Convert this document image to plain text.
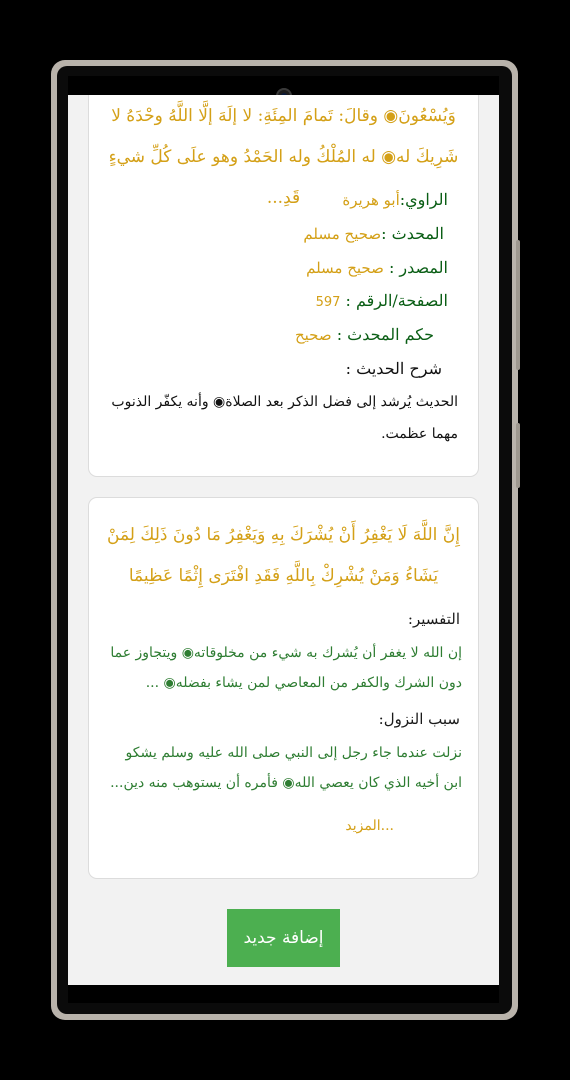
وَيُسْعُونَ◉ وقالَ: تَمامَ المِئَةِ: لا إلَهَ إلَّا اللَّهُ وحْدَهُ لا
شَرِيكَ له◉ له المُلْكُ وله الحَمْدُ وهو علَى كُلِّ شيءٍ قَدِ...	الراوي:أبو هريرة
المحدث :صحيح مسلم
المصدر : صحيح مسلم
الصفحة/الرقم : 597
حكم المحدث : صحيح
شرح الحديث :
الحديث يُرشد إلى فضل الذكر بعد الصلاة◉ وأنه يكفّر الذنوب مهما عظمت.
إِنَّ اللَّهَ لَا يَغْفِرُ أَنْ يُشْرَكَ بِهِ وَيَغْفِرُ مَا دُونَ ذَلِكَ لِمَنْ
يَشَاءُ وَمَنْ يُشْرِكْ بِاللَّهِ فَقَدِ افْتَرَى إِثْمًا عَظِيمًا
التفسير:
إن الله لا يغفر أن يُشرك به شيء من مخلوقاته◉ ويتجاوز عما دون الشرك والكفر من المعاصي لمن يشاء بفضله◉ ...
سبب النزول:
نزلت عندما جاء رجل إلى النبي صلى الله عليه وسلم يشكو ابن أخيه الذي كان يعصي الله◉ فأمره أن يستوهب منه دين...
...المزيد
إضافة جديد
